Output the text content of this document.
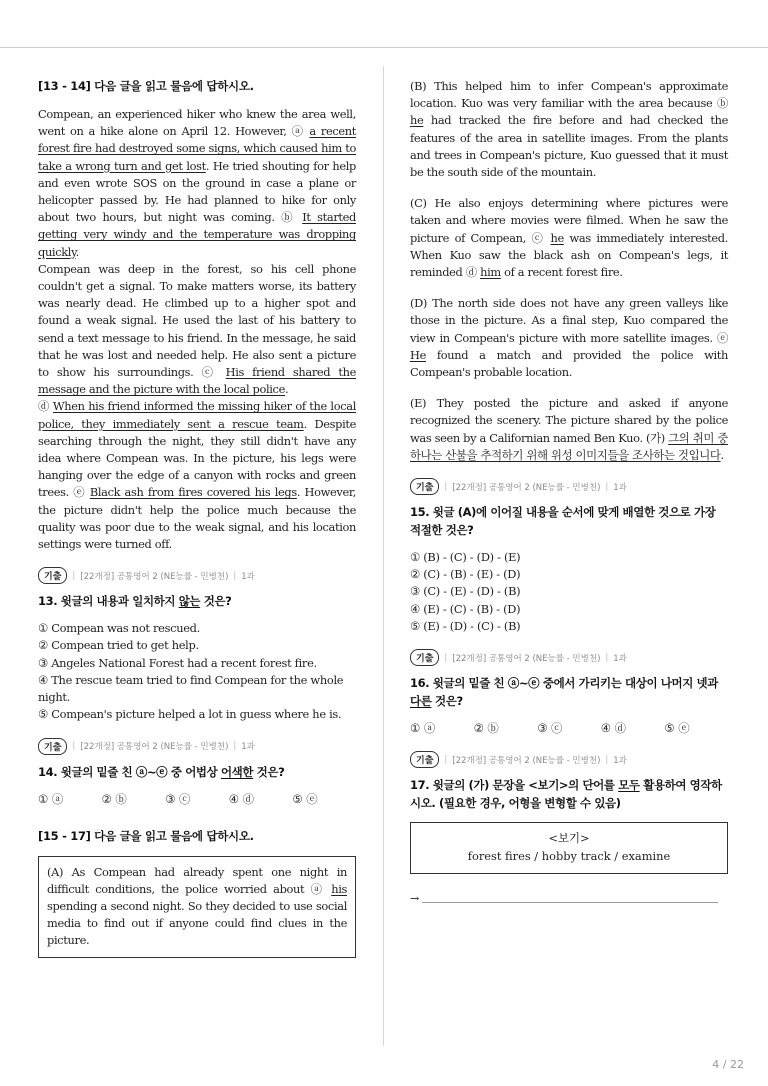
[13 - 14] 다음 글을 읽고 물음에 답하시오.

Compean, an experienced hiker who knew the area well, went on a hike alone on April 12. However, ⓐ a recent forest fire had destroyed some signs, which caused him to take a wrong turn and get lost. He tried shouting for help and even wrote SOS on the ground in case a plane or helicopter passed by. He had planned to hike for only about two hours, but night was coming. ⓑ It started getting very windy and the temperature was dropping quickly.

Compean was deep in the forest, so his cell phone couldn't get a signal. To make matters worse, its battery was nearly dead. He climbed up to a higher spot and found a weak signal. He used the last of his battery to send a text message to his friend. In the message, he said that he was lost and needed help. He also sent a picture to show his surroundings. ⓒ His friend shared the message and the picture with the local police.

ⓓ When his friend informed the missing hiker of the local police, they immediately sent a rescue team. Despite searching through the night, they still didn't have any idea where Compean was. In the picture, his legs were hanging over the edge of a canyon with rocks and green trees. ⓔ Black ash from fires covered his legs. However, the picture didn't help the police much because the quality was poor due to the weak signal, and his location settings were turned off.

기출	| [22개정] 공통영어 2 (NE능률 - 민병천) | 1과

13. 윗글의 내용과 일치하지 않는 것은?

① Compean was not rescued.

② Compean tried to get help.

③ Angeles National Forest had a recent forest fire.

④ The rescue team tried to find Compean for the whole night.

⑤ Compean's picture helped a lot in guess where he is.

기출	| [22개정] 공통영어 2 (NE능률 - 민병천) | 1과

14. 윗글의 밑줄 친 ⓐ~ⓔ 중 어법상 어색한 것은?

① ⓐ	② ⓑ	③ ⓒ	④ ⓓ	⑤ ⓔ

[15 - 17] 다음 글을 읽고 물음에 답하시오.

(A) As Compean had already spent one night in difficult conditions, the police worried about ⓐ his spending a second night. So they decided to use social media to find out if anyone could find clues in the picture.

(B) This helped him to infer Compean's approximate location. Kuo was very familiar with the area because ⓑ he had tracked the fire before and had checked the features of the area in satellite images. From the plants and trees in Compean's picture, Kuo guessed that it must be the south side of the mountain.

(C) He also enjoys determining where pictures were taken and where movies were filmed. When he saw the picture of Compean, ⓒ he was immediately interested. When Kuo saw the black ash on Compean's legs, it reminded ⓓ him of a recent forest fire.

(D) The north side does not have any green valleys like those in the picture. As a final step, Kuo compared the view in Compean's picture with more satellite images. ⓔ He found a match and provided the police with Compean's probable location.

(E) They posted the picture and asked if anyone recognized the scenery. The picture shared by the police was seen by a Californian named Ben Kuo. (가) 그의 취미 중 하나는 산불을 추적하기 위해 위성 이미지들을 조사하는 것입니다.

기출	| [22개정] 공통영어 2 (NE능률 - 민병천) | 1과

15. 윗글 (A)에 이어질 내용을 순서에 맞게 배열한 것으로 가장 적절한 것은?

① (B) - (C) - (D) - (E)

② (C) - (B) - (E) - (D)

③ (C) - (E) - (D) - (B)

④ (E) - (C) - (B) - (D)

⑤ (E) - (D) - (C) - (B)

기출	| [22개정] 공통영어 2 (NE능률 - 민병천) | 1과

16. 윗글의 밑줄 친 ⓐ~ⓔ 중에서 가리키는 대상이 나머지 넷과 다른 것은?

① ⓐ	② ⓑ	③ ⓒ	④ ⓓ	⑤ ⓔ
기출	| [22개정] 공통영어 2 (NE능률 - 민병천) | 1과

17. 윗글의 (가) 문장을 <보기>의 단어를 모두 활용하여 영작하시오. (필요한 경우, 어형을 변형할 수 있음)

<보기>
forest fires / hobby track / examine
→
4 / 22
